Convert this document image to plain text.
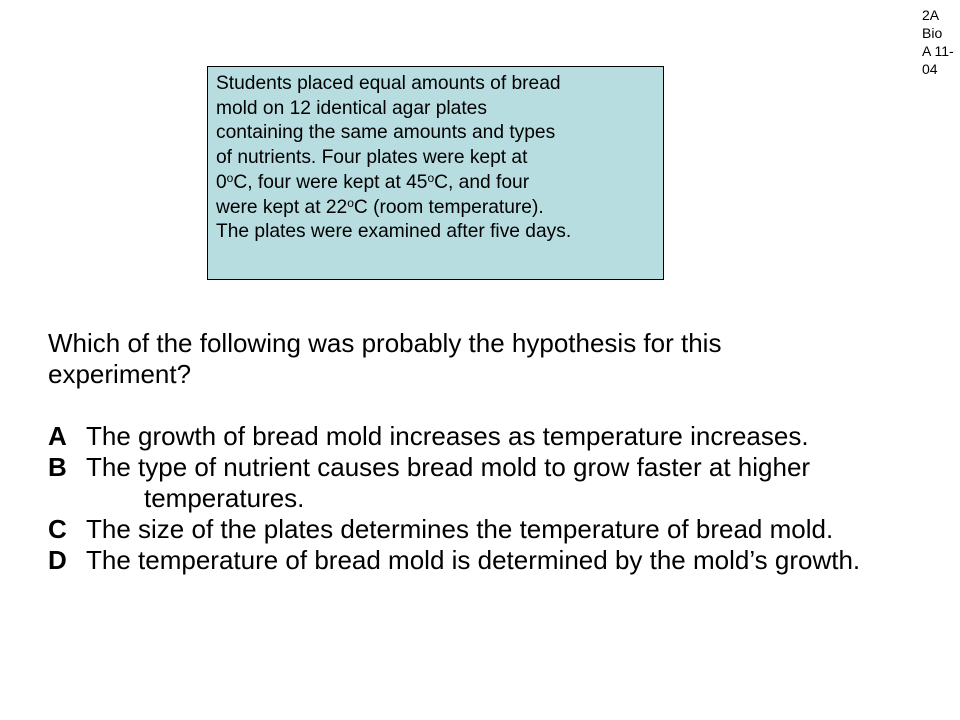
2A
Bio
A 11-
04

Students placed equal amounts of bread

mold on 12 identical agar plates

containing the same amounts and types

of nutrients. Four plates were kept at

0$^o$C, four were kept at 45$^o$C, and four

were kept at 22$^o$C (room temperature).

The plates were examined after five days.

Which of the following was probably the hypothesis for this

experiment?

A The growth of bread mold increases as temperature increases.

B The type of nutrient causes bread mold to grow faster at higher temperatures.

C The size of the plates determines the temperature of bread mold.

D The temperature of bread mold is determined by the mold’s growth.
